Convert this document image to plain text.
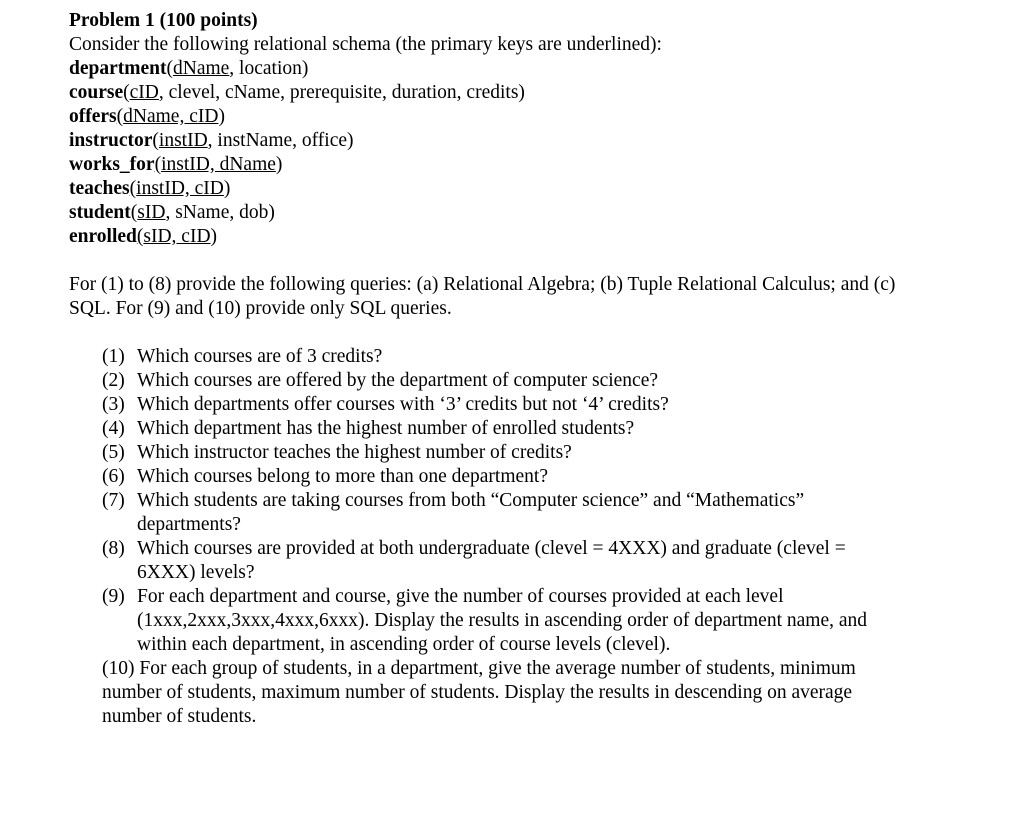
Problem 1 (100 points)
Consider the following relational schema (the primary keys are underlined):
department(dName, location)
course(cID, clevel, cName, prerequisite, duration, credits)
offers(dName, cID)
instructor(instID, instName, office)
works_for(instID, dName)
teaches(instID, cID)
student(sID, sName, dob)
enrolled(sID, cID)
For (1) to (8) provide the following queries: (a) Relational Algebra; (b) Tuple Relational Calculus; and (c)
SQL. For (9) and (10) provide only SQL queries.
(1) Which courses are of 3 credits?
(2) Which courses are offered by the department of computer science?
(3) Which departments offer courses with ‘3’ credits but not ‘4’ credits?
(4) Which department has the highest number of enrolled students?
(5) Which instructor teaches the highest number of credits?
(6) Which courses belong to more than one department?
(7) Which students are taking courses from both “Computer science” and “Mathematics”
departments?
(8) Which courses are provided at both undergraduate (clevel = 4XXX) and graduate (clevel =
6XXX) levels?
(9) For each department and course, give the number of courses provided at each level
(1xxx,2xxx,3xxx,4xxx,6xxx). Display the results in ascending order of department name, and
within each department, in ascending order of course levels (clevel).
(10) For each group of students, in a department, give the average number of students, minimum
number of students, maximum number of students. Display the results in descending on average
number of students.
